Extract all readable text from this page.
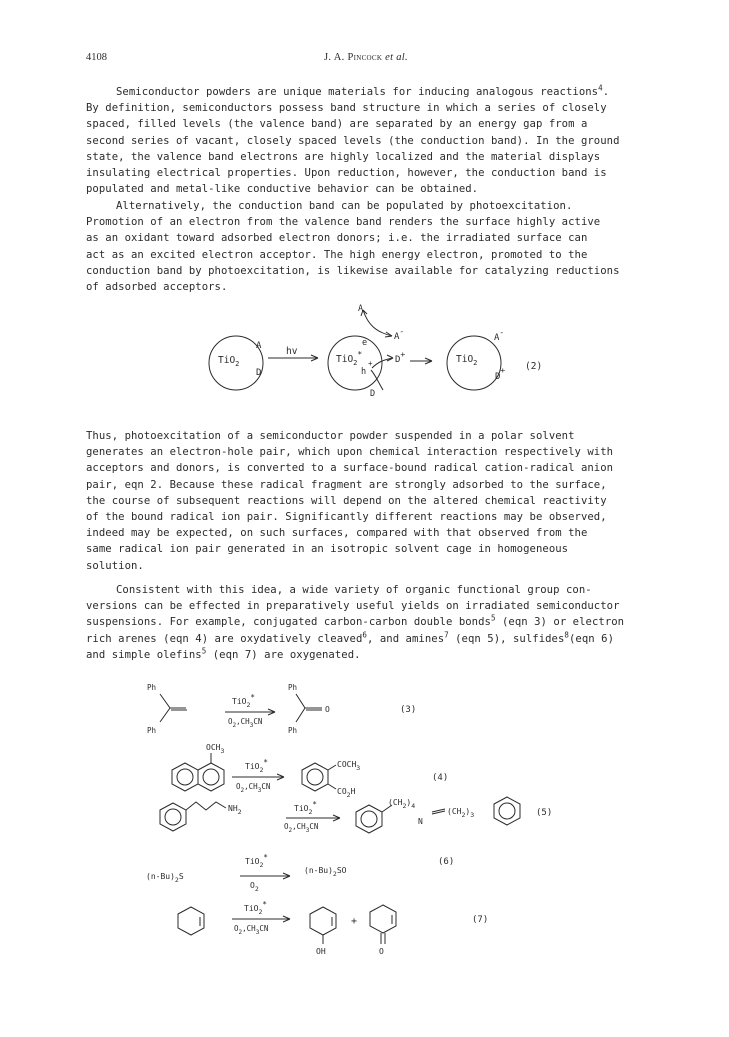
4108	J. A. Pincock et al.
Semiconductor powders are unique materials for inducing analogous reactions$^4$.
By definition, semiconductors possess band structure in which a series of closely
spaced, filled levels (the valence band) are separated by an energy gap from a
second series of vacant, closely spaced levels (the conduction band). In the ground
state, the valence band electrons are highly localized and the material displays
insulating electrical properties. Upon reduction, however, the conduction band is
populated and metal-like conductive behavior can be obtained.
Alternatively, the conduction band can be populated by photoexcitation.
Promotion of an electron from the valence band renders the surface highly active
as an oxidant toward adsorbed electron donors; i.e. the irradiated surface can
act as an excited electron acceptor. The high energy electron, promoted to the
conduction band by photoexcitation, is likewise available for catalyzing reductions
of adsorbed acceptors.
A
D
TiO$_2$
hv
A
e
TiO$_2$*
+
h
D
A-
D+	TiO$_2$
A-
D+ (2)
Thus, photoexcitation of a semiconductor powder suspended in a polar solvent
generates an electron-hole pair, which upon chemical interaction respectively with
acceptors and donors, is converted to a surface-bound radical cation-radical anion
pair, eqn 2. Because these radical fragment are strongly adsorbed to the surface,
the course of subsequent reactions will depend on the altered chemical reactivity
of the bound radical ion pair. Significantly different reactions may be observed,
indeed may be expected, on such surfaces, compared with that observed from the
same radical ion pair generated in an isotropic solvent cage in homogeneous
solution.
Consistent with this idea, a wide variety of organic functional group con-
versions can be effected in preparatively useful yields on irradiated semiconductor
suspensions. For example, conjugated carbon-carbon double bonds$^5$ (eqn 3) or electron
rich arenes (eqn 4) are oxydatively cleaved$^6$, and amines$^7$ (eqn 5), sulfides$^8$(eqn 6)
and simple olefins$^5$ (eqn 7) are oxygenated.
Ph
Ph
TiO$_2$*
$O_2,CH_3CN$
Ph
Ph
O	(3)
$OCH_3$
TiO$_2$*
$O_2,CH_3CN$
$COCH_3$
$CO_2H$
(4)
$NH_2$	TiO$_2$*
$O_2,CH_3CN$
$(CH_2)_4$
N
$(CH_2)_3$	(5)
$(n-Bu)_2S$
TiO$_2$*
$O_2$
$(n-Bu)_2SO$
(6)
TiO$_2$*
$O_2,CH_3CN$
+
OH	O
(7)
